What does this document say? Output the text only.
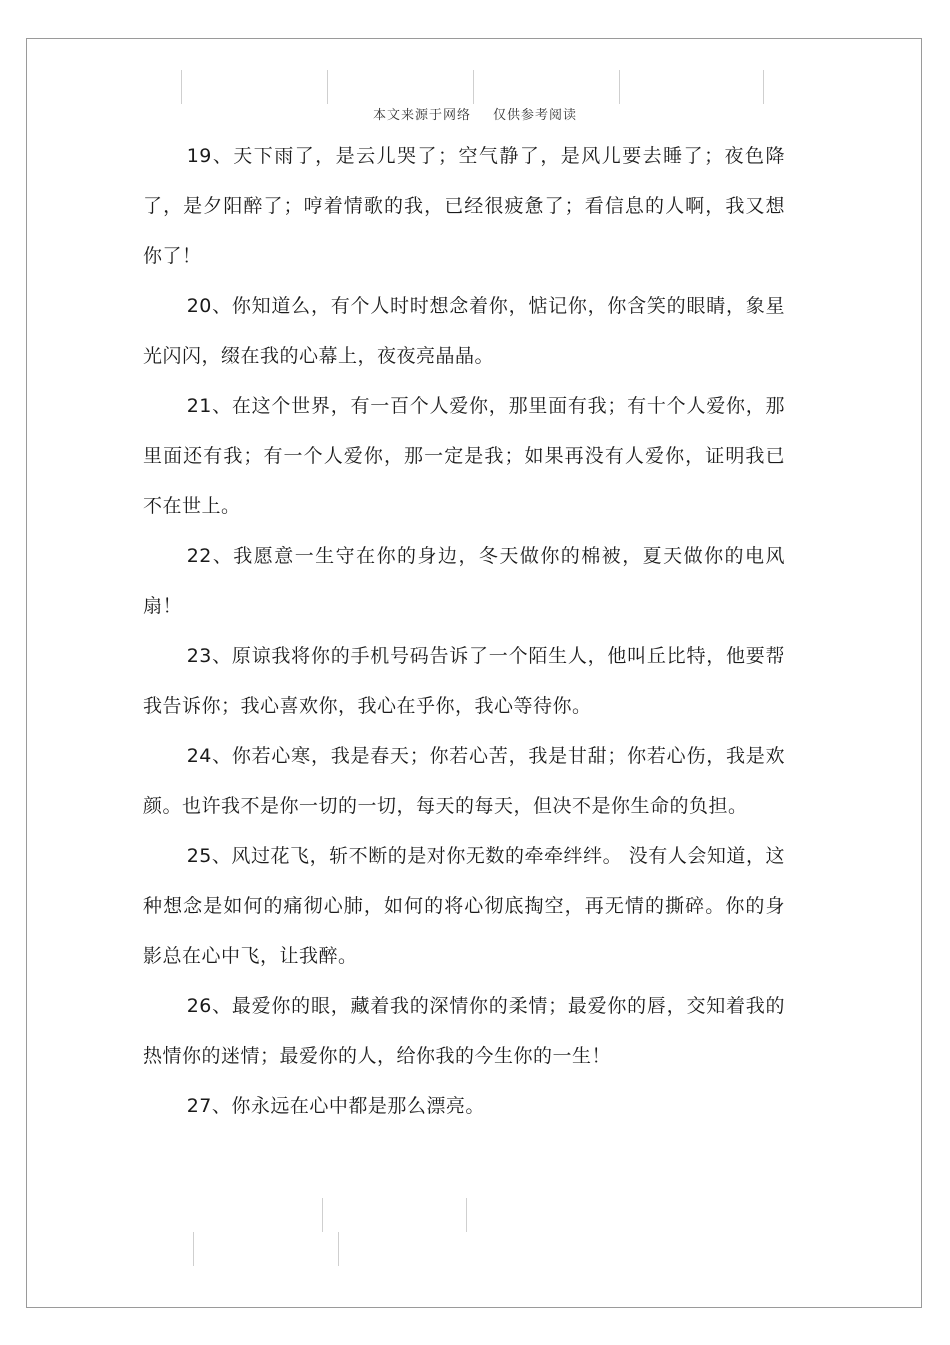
本文来源于网络 仅供参考阅读

19、天下雨了，是云儿哭了；空气静了，是风儿要去睡了；夜色降了，是夕阳醉了；哼着情歌的我，已经很疲惫了；看信息的人啊，我又想你了！

20、你知道么，有个人时时想念着你，惦记你，你含笑的眼睛，象星光闪闪，缀在我的心幕上，夜夜亮晶晶。

21、在这个世界，有一百个人爱你，那里面有我；有十个人爱你，那里面还有我；有一个人爱你，那一定是我；如果再没有人爱你，证明我已不在世上。

22、我愿意一生守在你的身边，冬天做你的棉被，夏天做你的电风扇！

23、原谅我将你的手机号码告诉了一个陌生人，他叫丘比特，他要帮我告诉你；我心喜欢你，我心在乎你，我心等待你。

24、你若心寒，我是春天；你若心苦，我是甘甜；你若心伤，我是欢颜。也许我不是你一切的一切，每天的每天，但决不是你生命的负担。

25、风过花飞，斩不断的是对你无数的牵牵绊绊。 没有人会知道，这种想念是如何的痛彻心肺，如何的将心彻底掏空，再无情的撕碎。你的身影总在心中飞，让我醉。

26、最爱你的眼，藏着我的深情你的柔情；最爱你的唇，交知着我的热情你的迷情；最爱你的人，给你我的今生你的一生！

27、你永远在心中都是那么漂亮。
